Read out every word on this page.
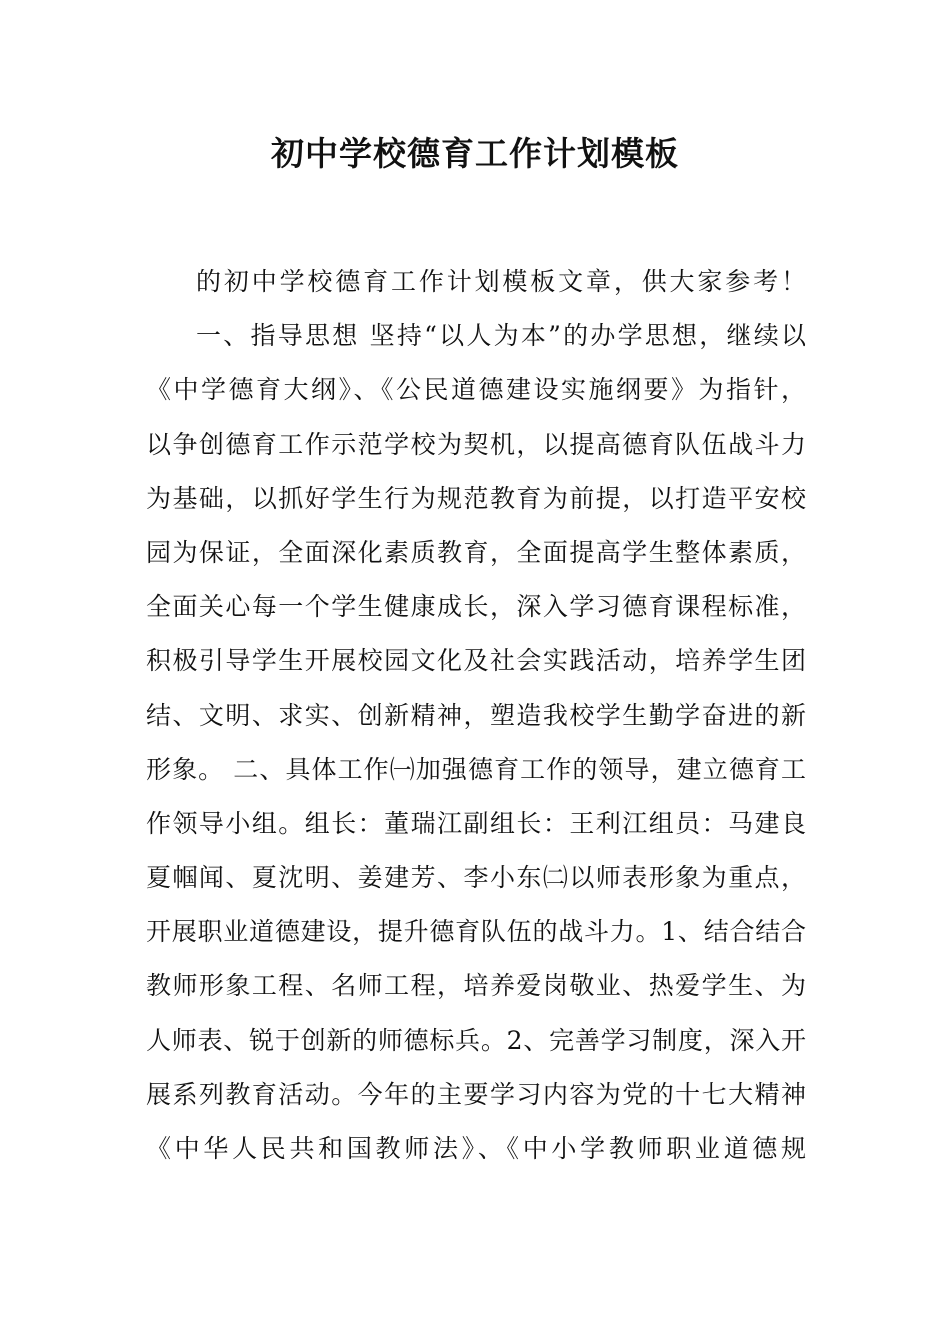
初中学校德育工作计划模板
的初中学校德育工作计划模板文章，供大家参考！
一、指导思想 坚持“以人为本”的办学思想，继续以
《中学德育大纲》、《公民道德建设实施纲要》为指针，
以争创德育工作示范学校为契机，以提高德育队伍战斗力
为基础，以抓好学生行为规范教育为前提，以打造平安校
园为保证，全面深化素质教育，全面提高学生整体素质，
全面关心每一个学生健康成长，深入学习德育课程标准，
积极引导学生开展校园文化及社会实践活动，培养学生团
结、文明、求实、创新精神，塑造我校学生勤学奋进的新
形象。 二、具体工作㈠加强德育工作的领导，建立德育工
作领导小组。组长：董瑞江副组长：王利江组员：马建良
夏帼闻、夏沈明、姜建芳、李小东㈡以师表形象为重点，
开展职业道德建设，提升德育队伍的战斗力。1、结合结合
教师形象工程、名师工程，培养爱岗敬业、热爱学生、为
人师表、锐于创新的师德标兵。2、完善学习制度，深入开
展系列教育活动。今年的主要学习内容为党的十七大精神
《中华人民共和国教师法》、《中小学教师职业道德规
